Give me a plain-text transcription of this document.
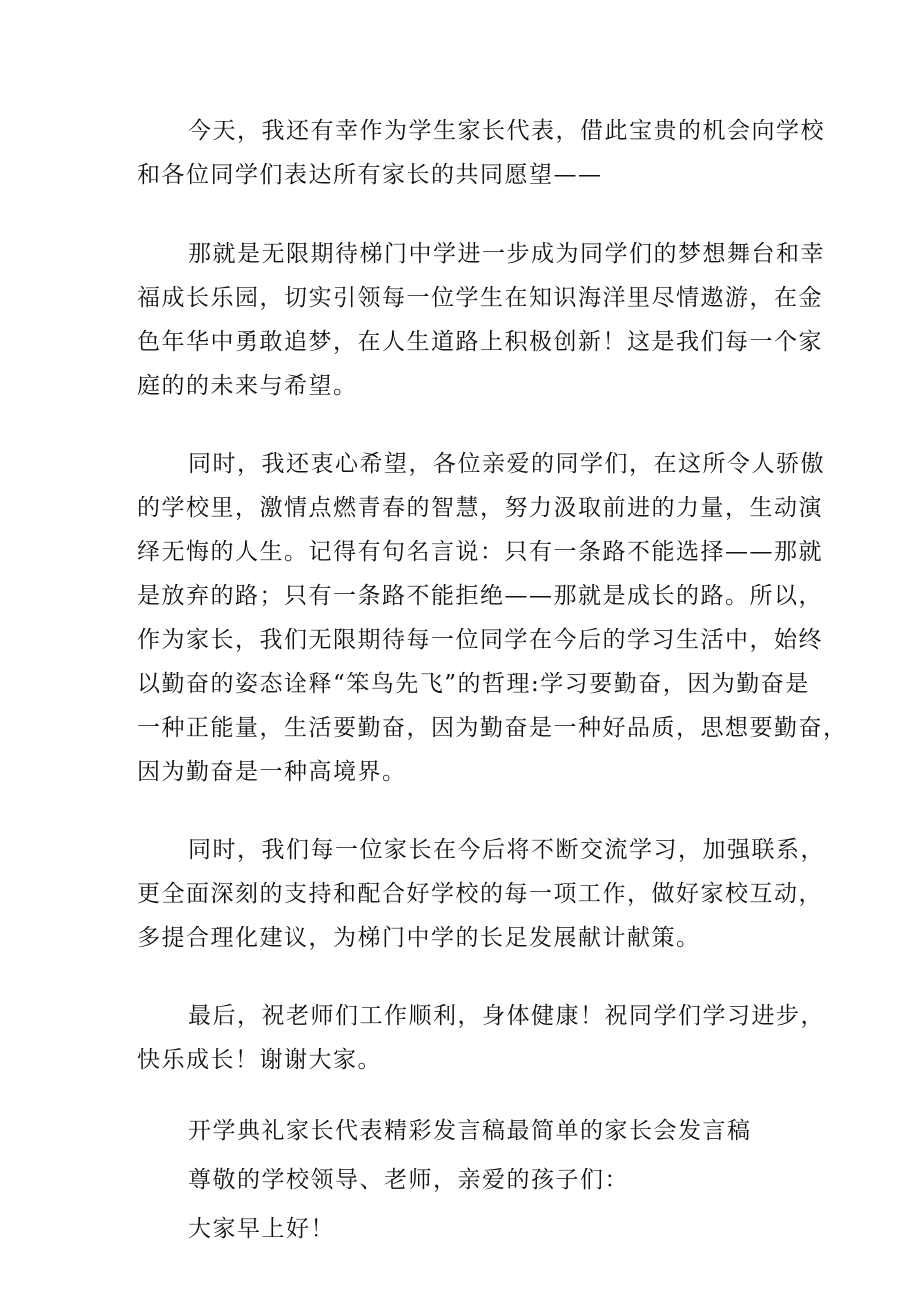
今天，我还有幸作为学生家长代表，借此宝贵的机会向学校
和各位同学们表达所有家长的共同愿望——
那就是无限期待梯门中学进一步成为同学们的梦想舞台和幸
福成长乐园，切实引领每一位学生在知识海洋里尽情遨游，在金
色年华中勇敢追梦，在人生道路上积极创新！这是我们每一个家
庭的的未来与希望。
同时，我还衷心希望，各位亲爱的同学们，在这所令人骄傲
的学校里，激情点燃青春的智慧，努力汲取前进的力量，生动演
绎无悔的人生。记得有句名言说：只有一条路不能选择——那就
是放弃的路；只有一条路不能拒绝——那就是成长的路。所以，
作为家长，我们无限期待每一位同学在今后的学习生活中，始终
以勤奋的姿态诠释“笨鸟先飞”的哲理:学习要勤奋，因为勤奋是
一种正能量，生活要勤奋，因为勤奋是一种好品质，思想要勤奋，
因为勤奋是一种高境界。
同时，我们每一位家长在今后将不断交流学习，加强联系，
更全面深刻的支持和配合好学校的每一项工作，做好家校互动，
多提合理化建议，为梯门中学的长足发展献计献策。
最后，祝老师们工作顺利，身体健康！祝同学们学习进步，
快乐成长！谢谢大家。
开学典礼家长代表精彩发言稿最简单的家长会发言稿
尊敬的学校领导、老师，亲爱的孩子们：
大家早上好！
